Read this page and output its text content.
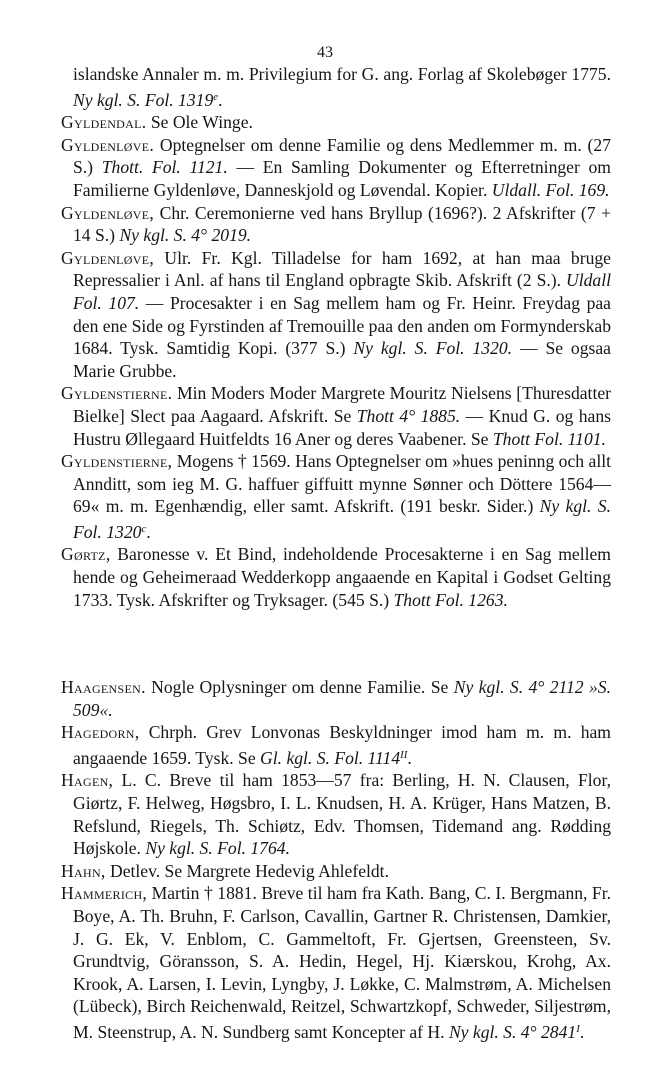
43

islandske Annaler m. m. Privilegium for G. ang. Forlag af Skolebøger 1775. Ny kgl. S. Fol. 1319e.

Gyldendal. Se Ole Winge.

Gyldenløve. Optegnelser om denne Familie og dens Medlemmer m. m. (27 S.) Thott. Fol. 1121. — En Samling Dokumenter og Efterretninger om Familierne Gyldenløve, Danneskjold og Løvendal. Kopier. Uldall. Fol. 169.

Gyldenløve, Chr. Ceremonierne ved hans Bryllup (1696?). 2 Afskrifter (7 + 14 S.) Ny kgl. S. 4° 2019.

Gyldenløve, Ulr. Fr. Kgl. Tilladelse for ham 1692, at han maa bruge Repressalier i Anl. af hans til England opbragte Skib. Afskrift (2 S.). Uldall Fol. 107. — Procesakter i en Sag mellem ham og Fr. Heinr. Freydag paa den ene Side og Fyrstinden af Tremouille paa den anden om Formynderskab 1684. Tysk. Samtidig Kopi. (377 S.) Ny kgl. S. Fol. 1320. — Se ogsaa Marie Grubbe.

Gyldenstierne. Min Moders Moder Margrete Mouritz Nielsens [Thuresdatter Bielke] Slect paa Aagaard. Afskrift. Se Thott 4° 1885. — Knud G. og hans Hustru Øllegaard Huitfeldts 16 Aner og deres Vaabener. Se Thott Fol. 1101.

Gyldenstierne, Mogens † 1569. Hans Optegnelser om »hues peninng och allt Annditt, som ieg M. G. haffuer giffuitt mynne Sønner och Döttere 1564—69« m. m. Egenhændig, eller samt. Afskrift. (191 beskr. Sider.) Ny kgl. S. Fol. 1320$^c$.

Gørtz, Baronesse v. Et Bind, indeholdende Procesakterne i en Sag mellem hende og Geheimeraad Wedderkopp angaaende en Kapital i Godset Gelting 1733. Tysk. Afskrifter og Tryksager. (545 S.) Thott Fol. 1263.

Haagensen. Nogle Oplysninger om denne Familie. Se Ny kgl. S. 4° 2112 »S. 509«.

Hagedorn, Chrph. Grev Lonvonas Beskyldninger imod ham m. m. ham angaaende 1659. Tysk. Se Gl. kgl. S. Fol. $1114^{II}$.

Hagen, L. C. Breve til ham 1853—57 fra: Berling, H. N. Clausen, Flor, Giørtz, F. Helweg, Høgsbro, I. L. Knudsen, H. A. Krüger, Hans Matzen, B. Refslund, Riegels, Th. Schiøtz, Edv. Thomsen, Tidemand ang. Rødding Højskole. Ny kgl. S. Fol. 1764.

Hahn, Detlev. Se Margrete Hedevig Ahlefeldt.

Hammerich, Martin † 1881. Breve til ham fra Kath. Bang, C. I. Bergmann, Fr. Boye, A. Th. Bruhn, F. Carlson, Cavallin, Gartner R. Christensen, Damkier, J. G. Ek, V. Enblom, C. Gammeltoft, Fr. Gjertsen, Greensteen, Sv. Grundtvig, Göransson, S. A. Hedin, Hegel, Hj. Kiærskou, Krohg, Ax. Krook, A. Larsen, I. Levin, Lyngby, J. Løkke, C. Malmstrøm, A. Michelsen (Lübeck), Birch Reichenwald, Reitzel, Schwartzkopf, Schweder, Siljestrøm, M. Steenstrup, A. N. Sundberg samt Koncepter af H. Ny kgl. S. 4° $2841^I$.
